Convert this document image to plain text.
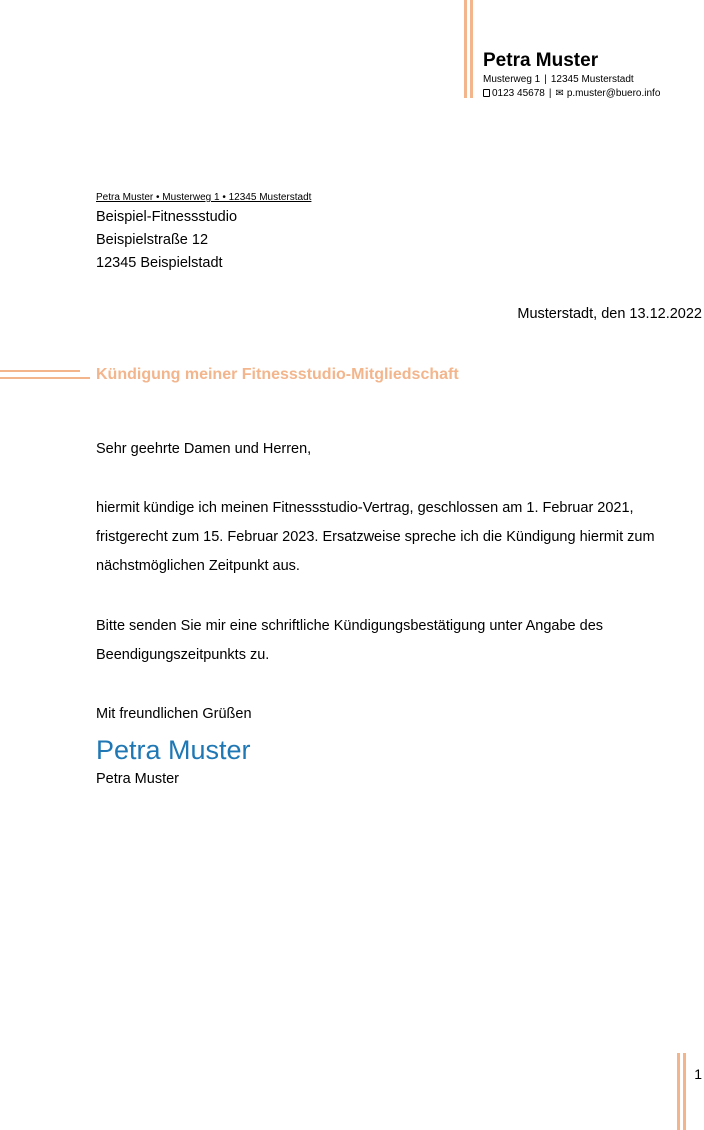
Petra Muster
Musterweg 1 | 12345 Musterstadt
0123 45678 | ✉ p.muster@buero.info
Petra Muster • Musterweg 1 • 12345 Musterstadt
Beispiel-Fitnessstudio
Beispielstraße 12
12345 Beispielstadt
Musterstadt, den 13.12.2022
Kündigung meiner Fitnessstudio-Mitgliedschaft
Sehr geehrte Damen und Herren,
hiermit kündige ich meinen Fitnessstudio-Vertrag, geschlossen am 1. Februar 2021,
fristgerecht zum 15. Februar 2023. Ersatzweise spreche ich die Kündigung hiermit zum
nächstmöglichen Zeitpunkt aus.
Bitte senden Sie mir eine schriftliche Kündigungsbestätigung unter Angabe des
Beendigungszeitpunkts zu.
Mit freundlichen Grüßen
Petra Muster
Petra Muster
1
